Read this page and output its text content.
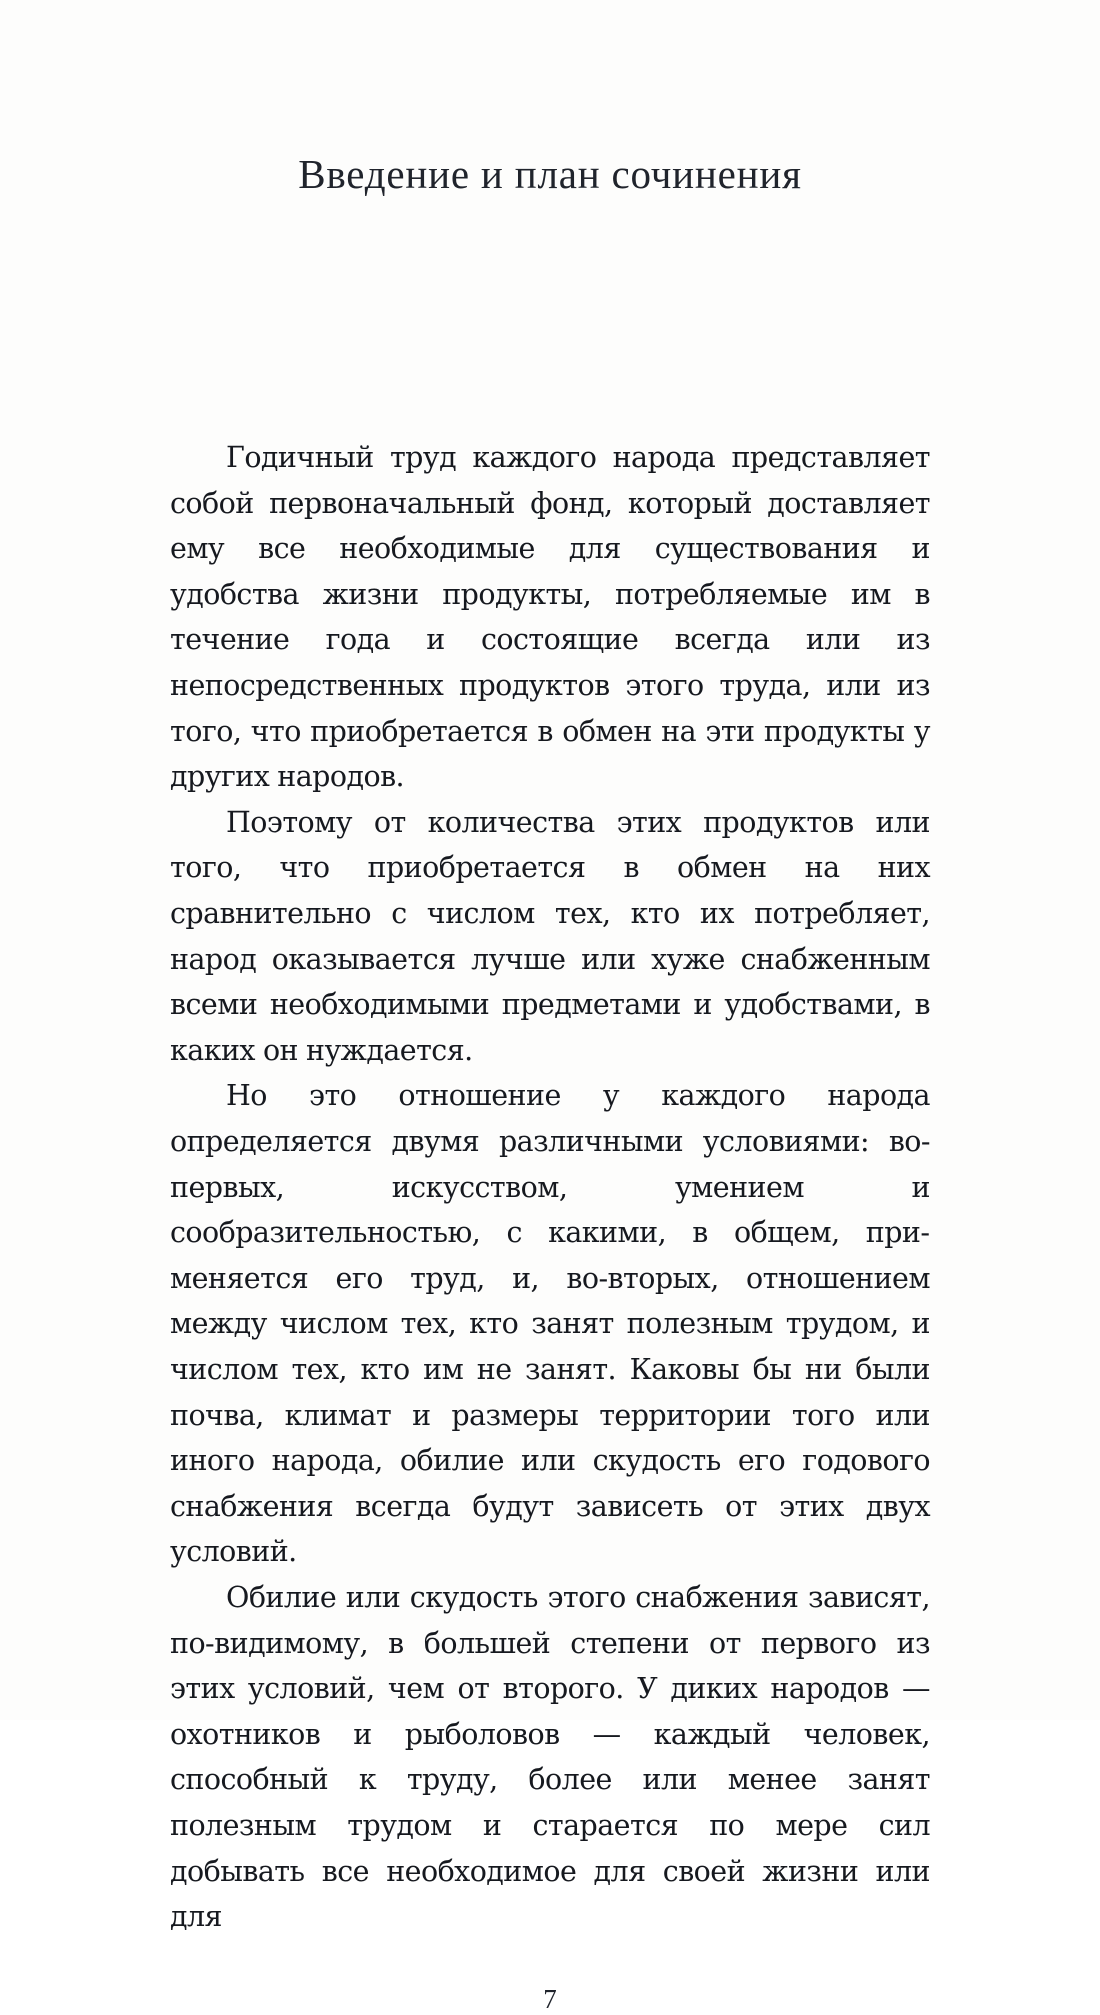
Введение и план сочинения

Годичный труд каждого народа представляет собой первоначальный фонд, который доставляет ему все необходимые для существования и удобства жизни продукты, потребляемые им в течение года и состоящие всегда или из непосредственных продуктов этого труда, или из того, что приобретается в обмен на эти продукты у других народов.

Поэтому от количества этих продуктов или того, что приобретается в обмен на них сравнительно с числом тех, кто их потребляет, народ оказывается лучше или хуже снабженным всеми необходимыми предметами и удобствами, в каких он нуждается.

Но это отношение у каждого народа определяется двумя различными условиями: во-первых, искусством, умением и сообразительностью, с какими, в общем, применяется его труд, и, во-вторых, отношением между числом тех, кто занят полезным трудом, и числом тех, кто им не занят. Каковы бы ни были почва, климат и размеры территории того или иного народа, обилие или скудость его годового снабжения всегда будут зависеть от этих двух условий.

Обилие или скудость этого снабжения зависят, по-видимому, в большей степени от первого из этих условий, чем от второго. У диких народов — охотников и рыболовов — каждый человек, способный к труду, более или менее занят полезным трудом и старается по мере сил добывать все необходимое для своей жизни или для

7
